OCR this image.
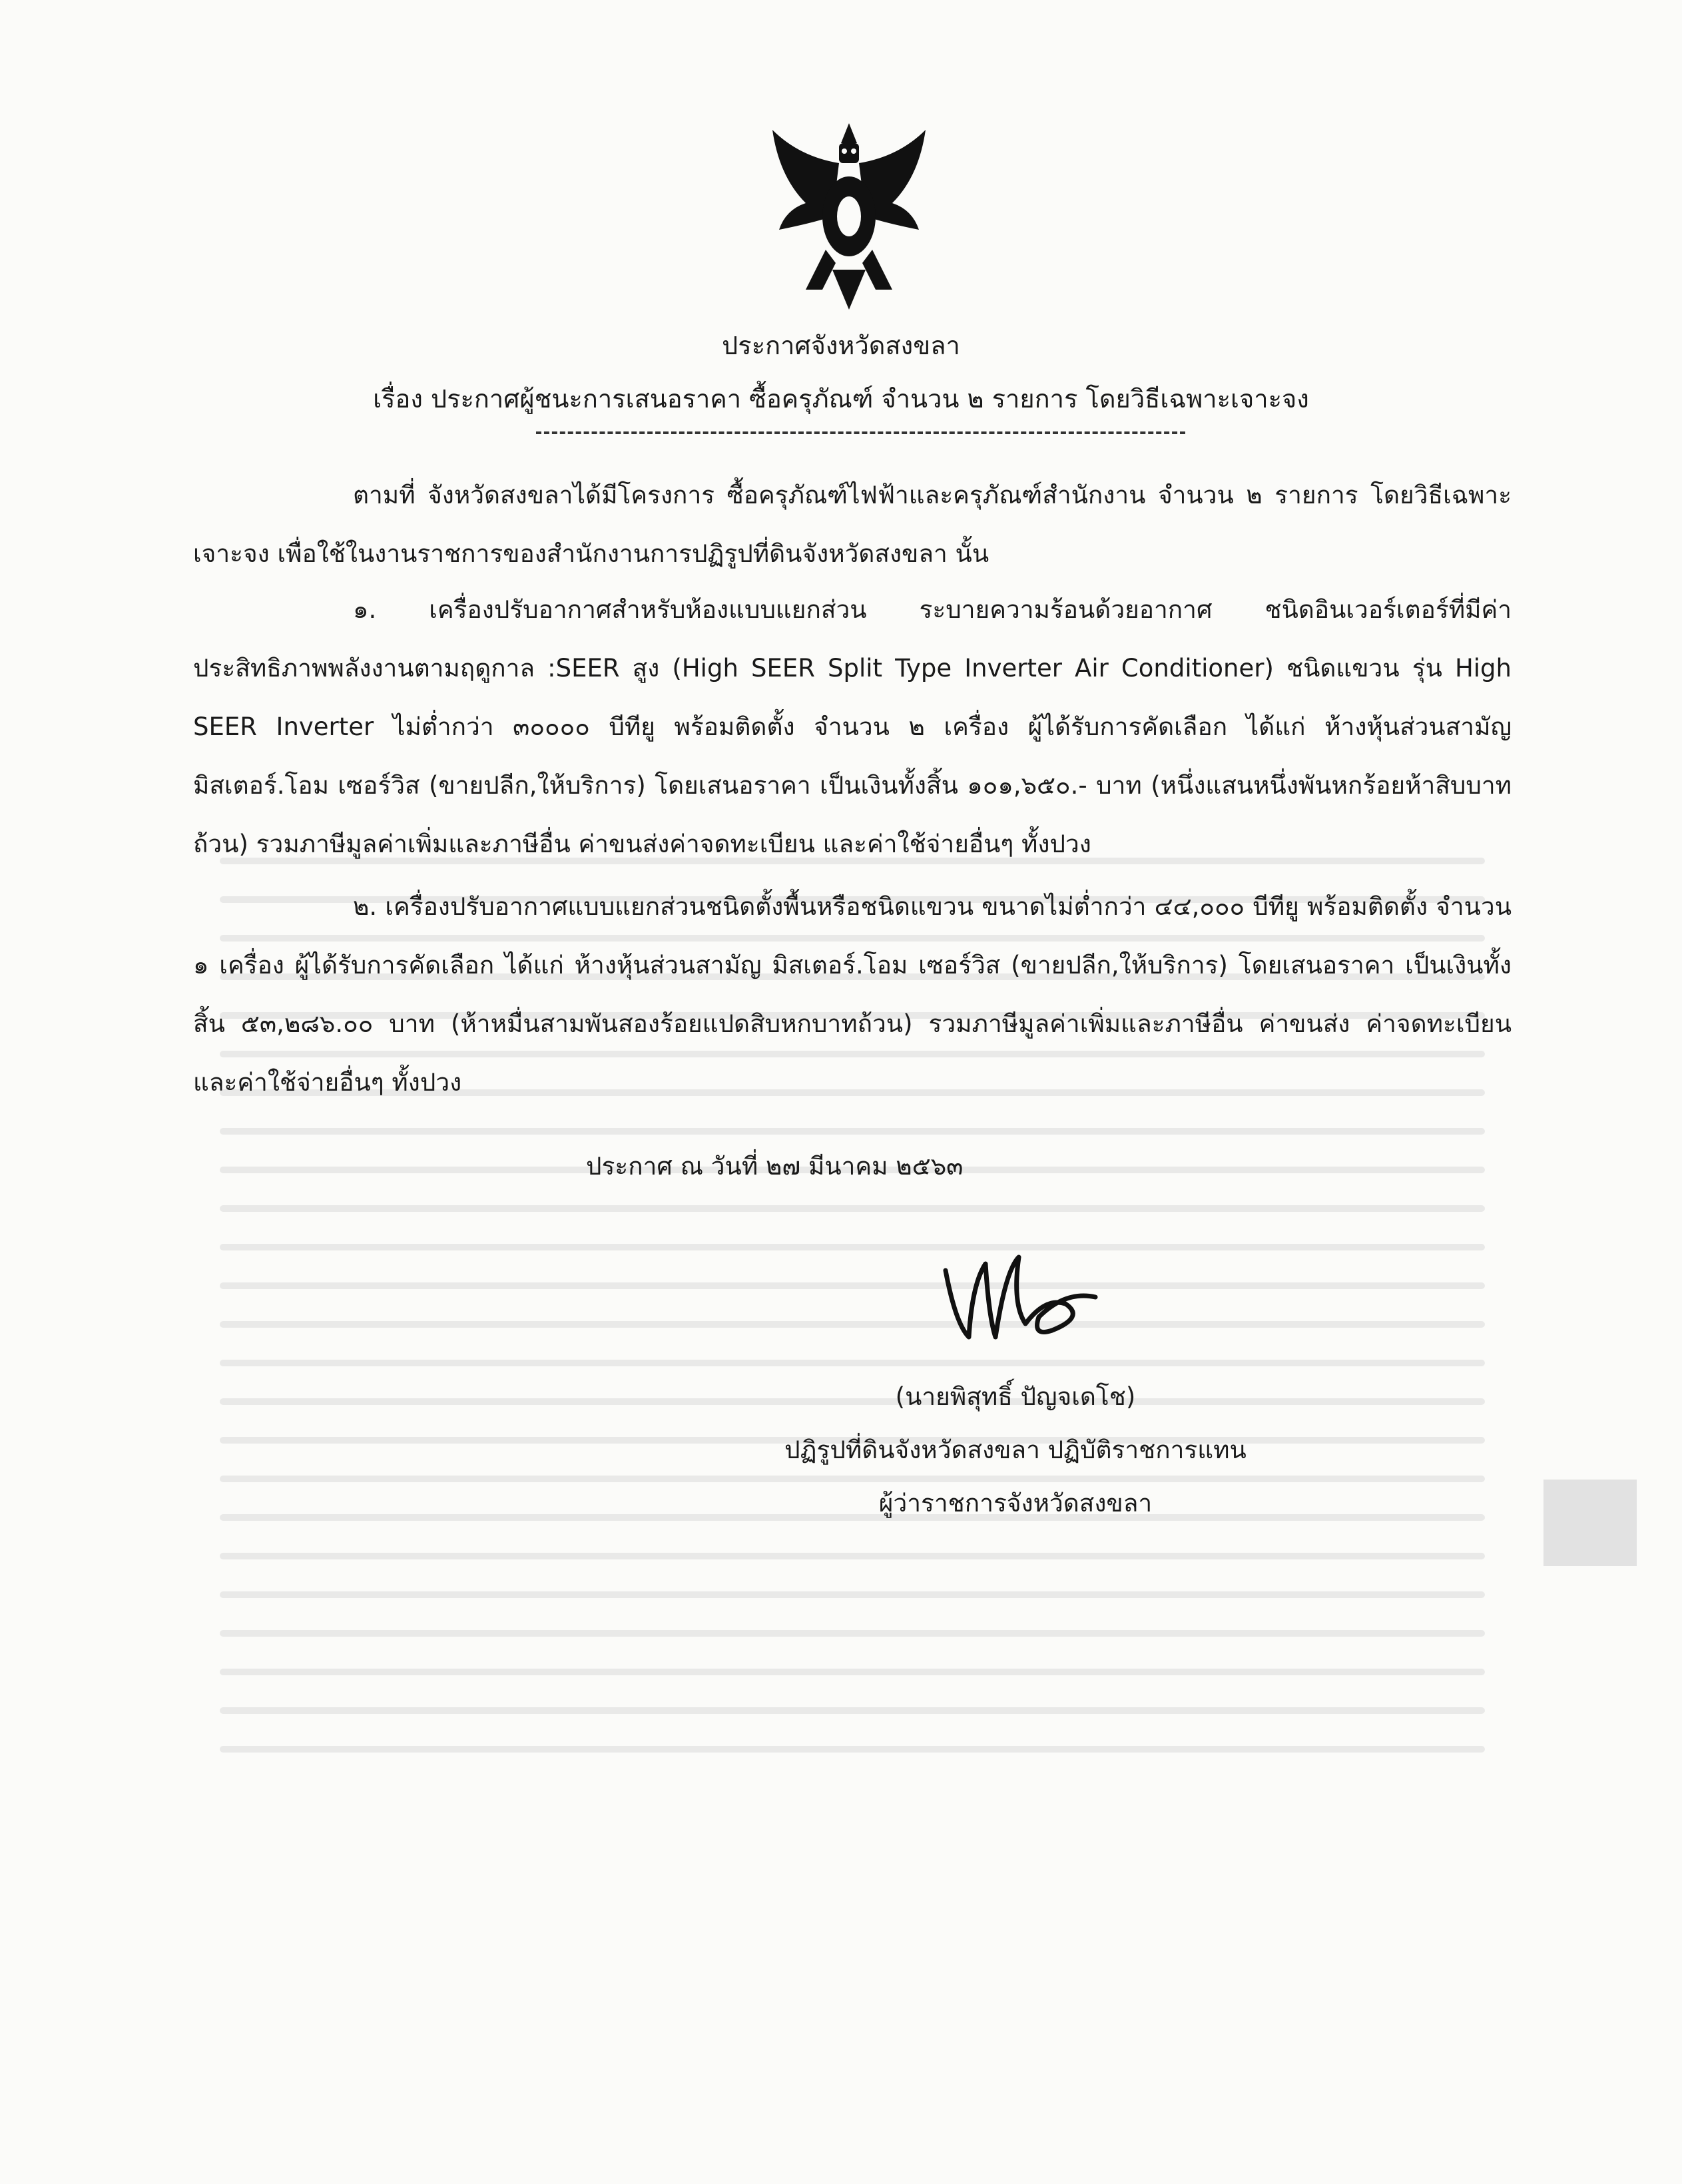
ประกาศจังหวัดสงขลา
เรื่อง ประกาศผู้ชนะการเสนอราคา ซื้อครุภัณฑ์ จำนวน ๒ รายการ โดยวิธีเฉพาะเจาะจง
ตามที่ จังหวัดสงขลาได้มีโครงการ ซื้อครุภัณฑ์ไฟฟ้าและครุภัณฑ์สำนักงาน จำนวน ๒ รายการ โดยวิธีเฉพาะเจาะจง เพื่อใช้ในงานราชการของสำนักงานการปฏิรูปที่ดินจังหวัดสงขลา นั้น
๑. เครื่องปรับอากาศสำหรับห้องแบบแยกส่วน ระบายความร้อนด้วยอากาศ ชนิดอินเวอร์เตอร์ที่มีค่าประสิทธิภาพพลังงานตามฤดูกาล :SEER สูง (High SEER Split Type Inverter Air Conditioner) ชนิดแขวน รุ่น High SEER Inverter ไม่ต่ำกว่า ๓๐๐๐๐ บีทียู พร้อมติดตั้ง จำนวน ๒ เครื่อง ผู้ได้รับการคัดเลือก ได้แก่ ห้างหุ้นส่วนสามัญ มิสเตอร์.โอม เซอร์วิส (ขายปลีก,ให้บริการ) โดยเสนอราคา เป็นเงินทั้งสิ้น ๑๐๑,๖๕๐.- บาท (หนึ่งแสนหนึ่งพันหกร้อยห้าสิบบาทถ้วน) รวมภาษีมูลค่าเพิ่มและภาษีอื่น ค่าขนส่งค่าจดทะเบียน และค่าใช้จ่ายอื่นๆ ทั้งปวง
๒. เครื่องปรับอากาศแบบแยกส่วนชนิดตั้งพื้นหรือชนิดแขวน ขนาดไม่ต่ำกว่า ๔๔,๐๐๐ บีทียู พร้อมติดตั้ง จำนวน ๑ เครื่อง ผู้ได้รับการคัดเลือก ได้แก่ ห้างหุ้นส่วนสามัญ มิสเตอร์.โอม เซอร์วิส (ขายปลีก,ให้บริการ) โดยเสนอราคา เป็นเงินทั้งสิ้น ๕๓,๒๘๖.๐๐ บาท (ห้าหมื่นสามพันสองร้อยแปดสิบหกบาทถ้วน) รวมภาษีมูลค่าเพิ่มและภาษีอื่น ค่าขนส่ง ค่าจดทะเบียน และค่าใช้จ่ายอื่นๆ ทั้งปวง
ประกาศ ณ วันที่ ๒๗ มีนาคม ๒๕๖๓
(นายพิสุทธิ์ ปัญจเดโช)
ปฏิรูปที่ดินจังหวัดสงขลา ปฏิบัติราชการแทน
ผู้ว่าราชการจังหวัดสงขลา
